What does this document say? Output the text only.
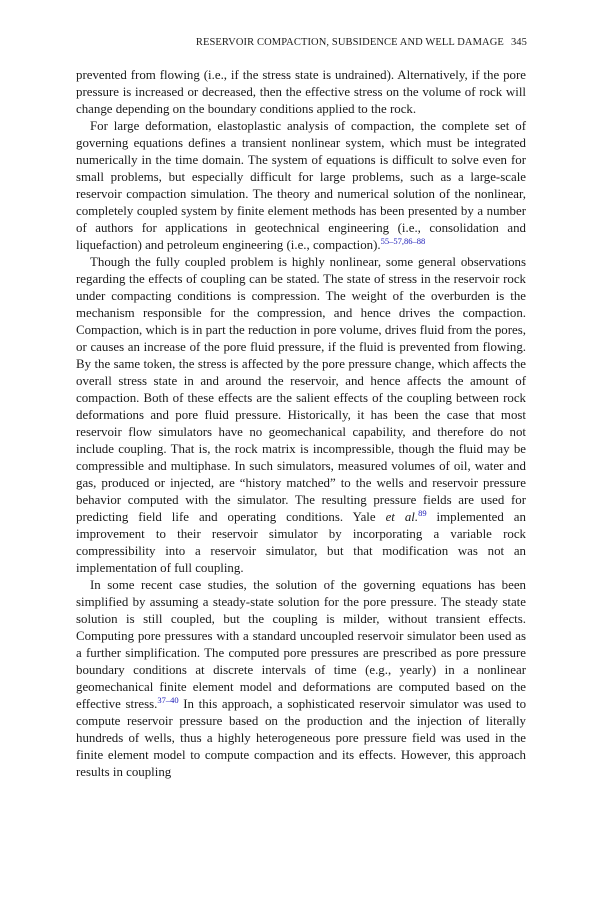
RESERVOIR COMPACTION, SUBSIDENCE AND WELL DAMAGE 345

prevented from flowing (i.e., if the stress state is undrained). Alternatively, if the pore pressure is increased or decreased, then the effective stress on the volume of rock will change depending on the boundary conditions applied to the rock.

For large deformation, elastoplastic analysis of compaction, the complete set of governing equations defines a transient nonlinear system, which must be integrated numerically in the time domain. The system of equations is difficult to solve even for small problems, but especially difficult for large problems, such as a large-scale reservoir compaction simulation. The theory and numerical solution of the nonlinear, completely coupled system by finite element methods has been presented by a number of authors for applications in geotechnical engineering (i.e., consolidation and liquefaction) and petroleum engineering (i.e., compaction).$^{55-57,86-88}$

Though the fully coupled problem is highly nonlinear, some general observations regarding the effects of coupling can be stated. The state of stress in the reservoir rock under compacting conditions is compression. The weight of the overburden is the mechanism responsible for the compression, and hence drives the compaction. Compaction, which is in part the reduction in pore volume, drives fluid from the pores, or causes an increase of the pore fluid pressure, if the fluid is prevented from flowing. By the same token, the stress is affected by the pore pressure change, which affects the overall stress state in and around the reservoir, and hence affects the amount of compaction. Both of these effects are the salient effects of the coupling between rock deformations and pore fluid pressure. Historically, it has been the case that most reservoir flow simulators have no geomechanical capability, and therefore do not include coupling. That is, the rock matrix is incompressible, though the fluid may be compressible and multiphase. In such simulators, measured volumes of oil, water and gas, produced or injected, are “history matched” to the wells and reservoir pressure behavior computed with the simulator. The resulting pressure fields are used for predicting field life and operating conditions. Yale et al.$^{89}$ implemented an improvement to their reservoir simulator by incorporating a variable rock compressibility into a reservoir simulator, but that modification was not an implementation of full coupling.

In some recent case studies, the solution of the governing equations has been simplified by assuming a steady-state solution for the pore pressure. The steady state solution is still coupled, but the coupling is milder, without transient effects. Computing pore pressures with a standard uncoupled reservoir simulator been used as a further simplification. The computed pore pressures are prescribed as pore pressure boundary conditions at discrete intervals of time (e.g., yearly) in a nonlinear geomechanical finite element model and deformations are computed based on the effective stress.$^{37-40}$ In this approach, a sophisticated reservoir simulator was used to compute reservoir pressure based on the production and the injection of literally hundreds of wells, thus a highly heterogeneous pore pressure field was used in the finite element model to compute compaction and its effects. However, this approach results in coupling
